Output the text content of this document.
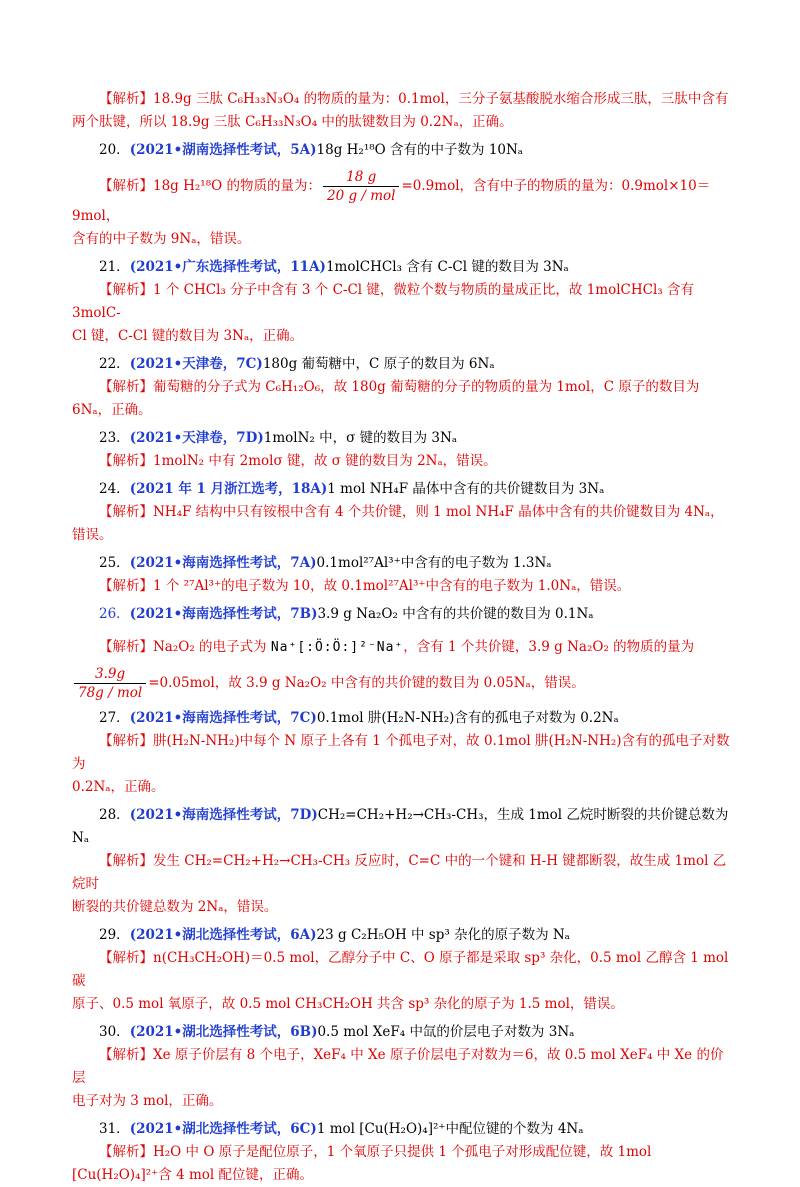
【解析】18.9g 三肽 C₆H₃₃N₃O₄ 的物质的量为：0.1mol，三分子氨基酸脱水缩合形成三肽，三肽中含有
两个肽键，所以 18.9g 三肽 C₆H₃₃N₃O₄ 中的肽键数目为 0.2Nₐ，正确。
20．(2021•湖南选择性考试，5A)18g H₂¹⁸O 含有的中子数为 10Nₐ
【解析】18g H₂¹⁸O 的物质的量为： $\frac{18 g}{\text{20 g / mol}} =0.9mol$，含有中子的物质的量为：0.9mol×10＝9mol，
含有的中子数为 9Nₐ，错误。
21．(2021•广东选择性考试，11A)1molCHCl₃ 含有 C-Cl 键的数目为 3Nₐ
【解析】1 个 CHCl₃ 分子中含有 3 个 C-Cl 键，微粒个数与物质的量成正比，故 1molCHCl₃ 含有 3molC-
Cl 键，C-Cl 键的数目为 3Nₐ，正确。
22．(2021•天津卷，7C)180g 葡萄糖中，C 原子的数目为 6Nₐ
【解析】葡萄糖的分子式为 C₆H₁₂O₆，故 180g 葡萄糖的分子的物质的量为 1mol，C 原子的数目为
6Nₐ，正确。
23．(2021•天津卷，7D)1molN₂ 中，σ 键的数目为 3Nₐ
【解析】1molN₂ 中有 2molσ 键，故 σ 键的数目为 2Nₐ，错误。
24．(2021 年 1 月浙江选考，18A)1 mol NH₄F 晶体中含有的共价键数目为 3Nₐ
【解析】NH₄F 结构中只有铵根中含有 4 个共价键，则 1 mol NH₄F 晶体中含有的共价键数目为 4Nₐ，
错误。
25．(2021•海南选择性考试，7A)0.1mol²⁷Al³⁺中含有的电子数为 1.3Nₐ
【解析】1 个 ²⁷Al³⁺的电子数为 10，故 0.1mol²⁷Al³⁺中含有的电子数为 1.0Nₐ，错误。
26．(2021•海南选择性考试，7B)3.9 g Na₂O₂ 中含有的共价键的数目为 0.1Nₐ
【解析】Na₂O₂ 的电子式为 Na⁺[:Ö:Ö:]²⁻Na⁺，含有 1 个共价键，3.9 g Na₂O₂ 的物质的量为
$\frac{3.9g}{\text{78g / mol}} =0.05mol$，故 3.9 g Na₂O₂ 中含有的共价键的数目为 0.05Nₐ，错误。
27．(2021•海南选择性考试，7C)0.1mol 肼(H₂N-NH₂)含有的孤电子对数为 0.2Nₐ
【解析】肼(H₂N-NH₂)中每个 N 原子上各有 1 个孤电子对，故 0.1mol 肼(H₂N-NH₂)含有的孤电子对数为
0.2Nₐ，正确。
28．(2021•海南选择性考试，7D)CH₂=CH₂+H₂→CH₃-CH₃，生成 1mol 乙烷时断裂的共价键总数为 Nₐ
【解析】发生 CH₂=CH₂+H₂→CH₃-CH₃ 反应时，C=C 中的一个键和 H-H 键都断裂，故生成 1mol 乙烷时
断裂的共价键总数为 2Nₐ，错误。
29．(2021•湖北选择性考试，6A)23 g C₂H₅OH 中 sp³ 杂化的原子数为 Nₐ
【解析】n(CH₃CH₂OH)＝0.5 mol，乙醇分子中 C、O 原子都是采取 sp³ 杂化，0.5 mol 乙醇含 1 mol 碳
原子、0.5 mol 氧原子，故 0.5 mol CH₃CH₂OH 共含 sp³ 杂化的原子为 1.5 mol，错误。
30．(2021•湖北选择性考试，6B)0.5 mol XeF₄ 中氙的价层电子对数为 3Nₐ
【解析】Xe 原子价层有 8 个电子，XeF₄ 中 Xe 原子价层电子对数为＝6，故 0.5 mol XeF₄ 中 Xe 的价层
电子对为 3 mol，正确。
31．(2021•湖北选择性考试，6C)1 mol [Cu(H₂O)₄]²⁺中配位键的个数为 4Nₐ
【解析】H₂O 中 O 原子是配位原子，1 个氧原子只提供 1 个孤电子对形成配位键，故 1mol
[Cu(H₂O)₄]²⁺含 4 mol 配位键，正确。
